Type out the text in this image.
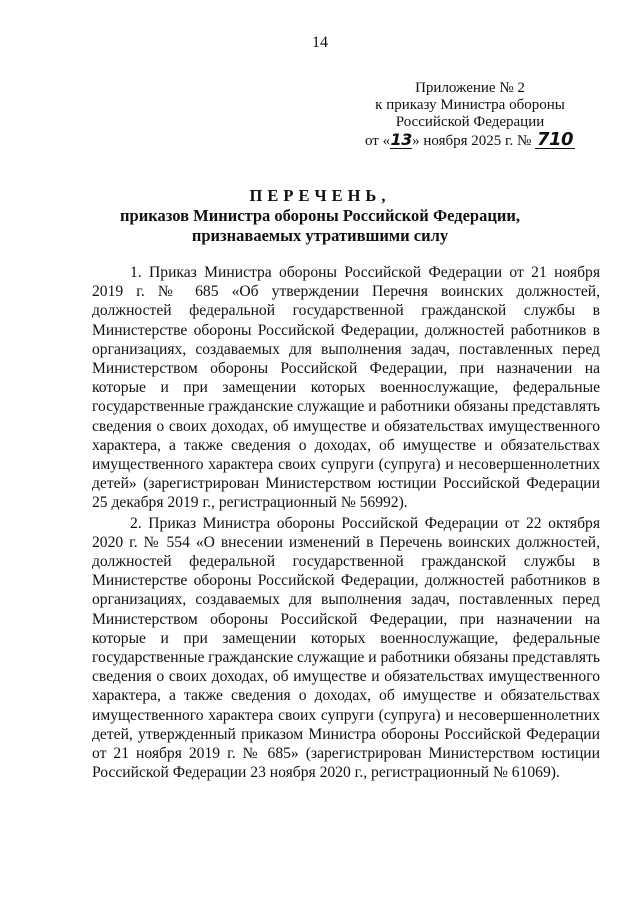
14
Приложение № 2
к приказу Министра обороны
Российской Федерации
от «13» ноября 2025 г. № 710
ПЕРЕЧЕНЬ,
приказов Министра обороны Российской Федерации,
признаваемых утратившими силу

1. Приказ Министра обороны Российской Федерации от 21 ноября 2019 г. № 685 «Об утверждении Перечня воинских должностей, должностей федеральной государственной гражданской службы в Министерстве обороны Российской Федерации, должностей работников в организациях, создаваемых для выполнения задач, поставленных перед Министерством обороны Российской Федерации, при назначении на которые и при замещении которых военнослужащие, федеральные государственные гражданские служащие и работники обязаны представлять сведения о своих доходах, об имуществе и обязательствах имущественного характера, а также сведения о доходах, об имуществе и обязательствах имущественного характера своих супруги (супруга) и несовершеннолетних детей» (зарегистрирован Министерством юстиции Российской Федерации 25 декабря 2019 г., регистрационный № 56992).

2. Приказ Министра обороны Российской Федерации от 22 октября 2020 г. № 554 «О внесении изменений в Перечень воинских должностей, должностей федеральной государственной гражданской службы в Министерстве обороны Российской Федерации, должностей работников в организациях, создаваемых для выполнения задач, поставленных перед Министерством обороны Российской Федерации, при назначении на которые и при замещении которых военнослужащие, федеральные государственные гражданские служащие и работники обязаны представлять сведения о своих доходах, об имуществе и обязательствах имущественного характера, а также сведения о доходах, об имуществе и обязательствах имущественного характера своих супруги (супруга) и несовершеннолетних детей, утвержденный приказом Министра обороны Российской Федерации от 21 ноября 2019 г. № 685» (зарегистрирован Министерством юстиции Российской Федерации 23 ноября 2020 г., регистрационный № 61069).
